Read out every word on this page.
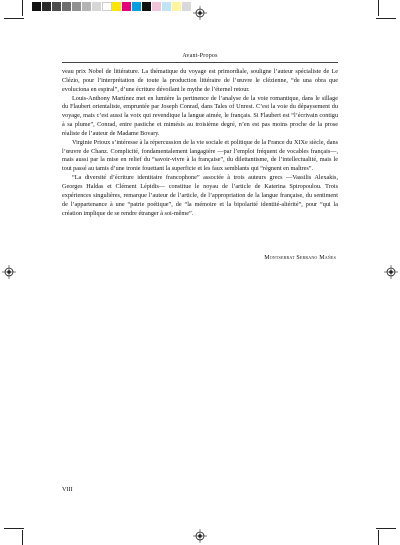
Avant-Propos

veau prix Nobel de littérature. La thématique du voyage est primordiale, souligne l’auteur spécialiste de Le Clézio, pour l’interprétation de toute la production littéraire de l’œuvre le clézienne, “de una obra que evoluciona en espiral”, d’une écriture dévoilant le mythe de l’éternel retour.

Louis-Anthony Martínez met en lumière la pertinence de l’analyse de la voie romantique, dans le sillage du Flaubert orientaliste, empruntée par Joseph Conrad, dans Tales of Unrest. C’est la voie du dépaysement du voyage, mais c’est aussi la voix qui revendique la langue aimée, le français. Si Flaubert est “l’écrivain contigu à sa plume”, Conrad, entre pastiche et mimésis au troisième degré, n’en est pas moins proche de la prose réaliste de l’auteur de Madame Bovary.

Virginie Prioux s’intéresse à la répercussion de la vie sociale et politique de la France du XIXe siècle, dans l’œuvre de Chanz. Complicité, fondamentalement langagière —par l’emploi fréquent de vocables français—, mais aussi par la mise en relief du “savoir-vivre à la française”, du dilettantisme, de l’intellectualité, mais le tout passé au tamis d’une ironie fouettant la superficie et les faux semblants qui “règnent en maîtres”.

“La diversité d’écriture identitaire francophone” associée à trois auteurs grecs —Vassilis Alexakis, Georges Haldas et Clément Lépidis— constitue le noyau de l’article de Katerina Spiropoulou. Trois expériences singulières, remarque l’auteur de l’article, de l’appropriation de la langue française, du sentiment de l’appartenance à une “patrie poétique”, de “la mémoire et la bipolarité identité-altérité”, pour “qui la création implique de se rendre étranger à soi-même”.

Montserrat Serrano Mañes
VIII
